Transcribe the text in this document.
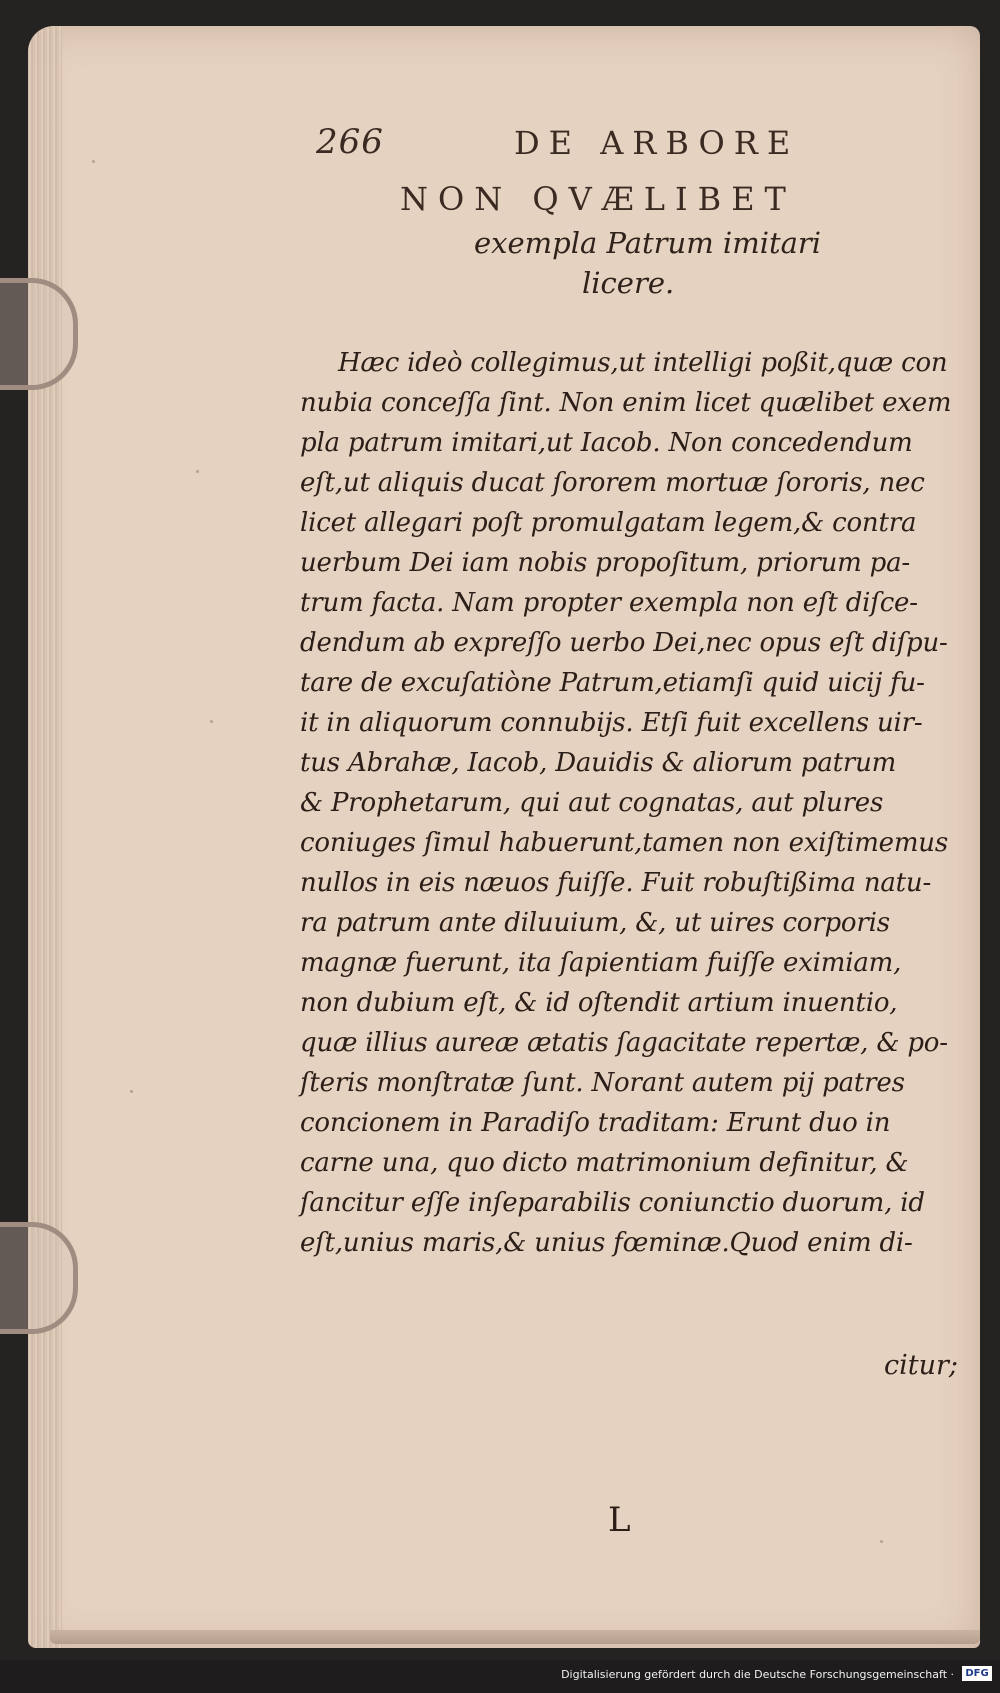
266	DE ARBORE
NON QVÆLIBET
exempla Patrum imitari
licere.
Hæc ideò collegimus,ut intelligi poßit,quæ con
nubia conceſſa ſint. Non enim licet quælibet exem
pla patrum imitari,ut Iacob. Non concedendum
eſt,ut aliquis ducat ſororem mortuæ ſororis, nec
licet allegari poſt promulgatam legem,& contra
uerbum Dei iam nobis propoſitum, priorum pa-
trum facta. Nam propter exempla non eſt diſce-
dendum ab expreſſo uerbo Dei,nec opus eſt diſpu-
tare de excuſatiòne Patrum,etiamſi quid uicij fu-
it in aliquorum connubijs. Etſi fuit excellens uir-
tus Abrahæ, Iacob, Dauidis & aliorum patrum
& Prophetarum, qui aut cognatas, aut plures
coniuges ſimul habuerunt,tamen non exiſtimemus
nullos in eis næuos fuiſſe. Fuit robuſtißima natu-
ra patrum ante diluuium, &, ut uires corporis
magnæ fuerunt, ita ſapientiam fuiſſe eximiam,
non dubium eſt, & id oſtendit artium inuentio,
quæ illius aureæ ætatis ſagacitate repertæ, & po-
ſteris monſtratæ ſunt. Norant autem pij patres
concionem in Paradiſo traditam: Erunt duo in
carne una, quo dicto matrimonium definitur, &
ſancitur eſſe inſeparabilis coniunctio duorum, id
eſt,unius maris,& unius fœminæ.Quod enim di-
citur;
L
Digitalisierung gefördert durch die Deutsche Forschungsgemeinschaft ·	DFG
